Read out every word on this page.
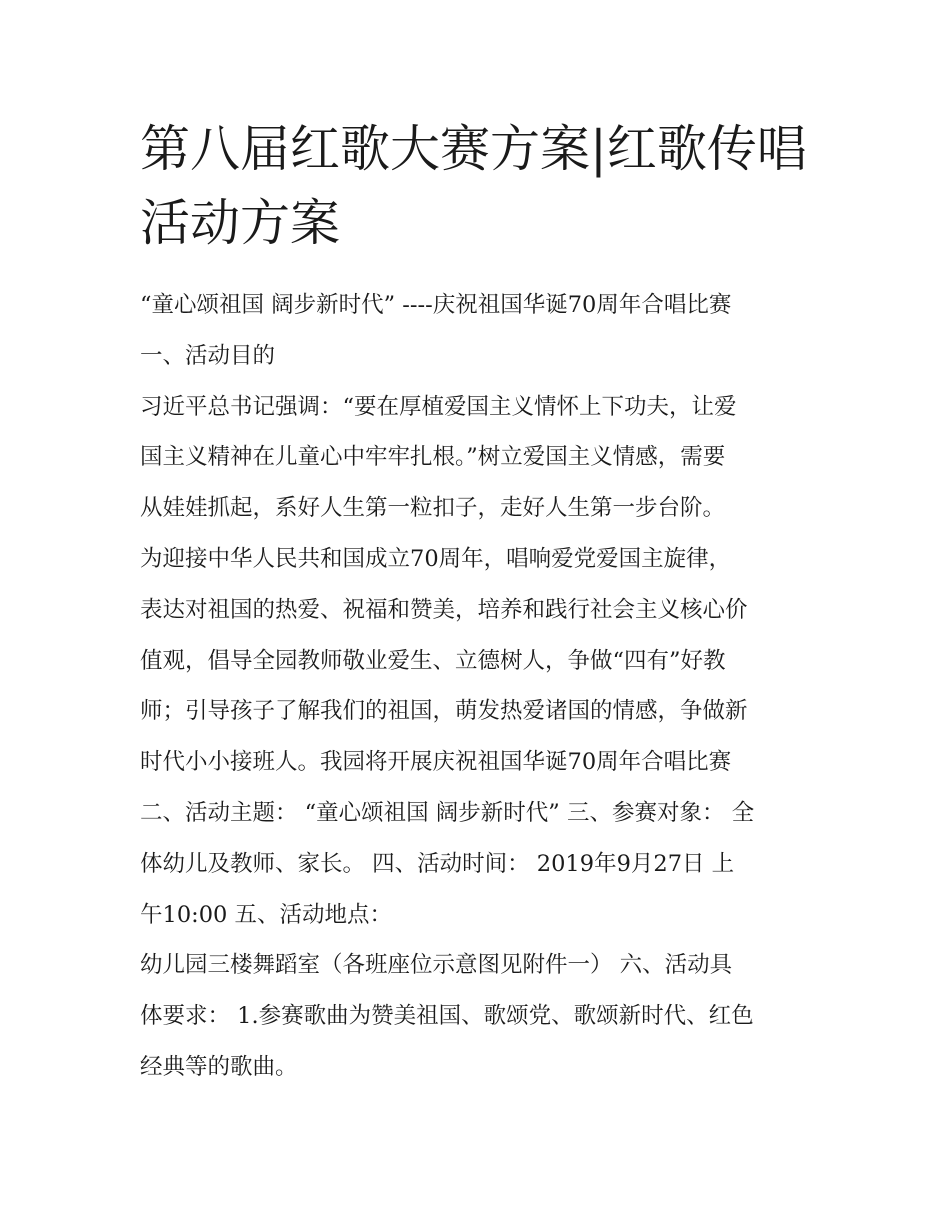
第八届红歌大赛方案|红歌传唱
活动方案
“童心颂祖国 阔步新时代” ----庆祝祖国华诞70周年合唱比赛
一、活动目的
习近平总书记强调：“要在厚植爱国主义情怀上下功夫，让爱
国主义精神在儿童心中牢牢扎根。”树立爱国主义情感，需要
从娃娃抓起，系好人生第一粒扣子，走好人生第一步台阶。
为迎接中华人民共和国成立70周年，唱响爱党爱国主旋律，
表达对祖国的热爱、祝福和赞美，培养和践行社会主义核心价
值观，倡导全园教师敬业爱生、立德树人，争做“四有”好教
师；引导孩子了解我们的祖国，萌发热爱诸国的情感，争做新
时代小小接班人。我园将开展庆祝祖国华诞70周年合唱比赛
二、活动主题： “童心颂祖国 阔步新时代” 三、参赛对象： 全
体幼儿及教师、家长。 四、活动时间： 2019年9月27日 上
午10:00 五、活动地点：
幼儿园三楼舞蹈室（各班座位示意图见附件一） 六、活动具
体要求： 1.参赛歌曲为赞美祖国、歌颂党、歌颂新时代、红色
经典等的歌曲。
